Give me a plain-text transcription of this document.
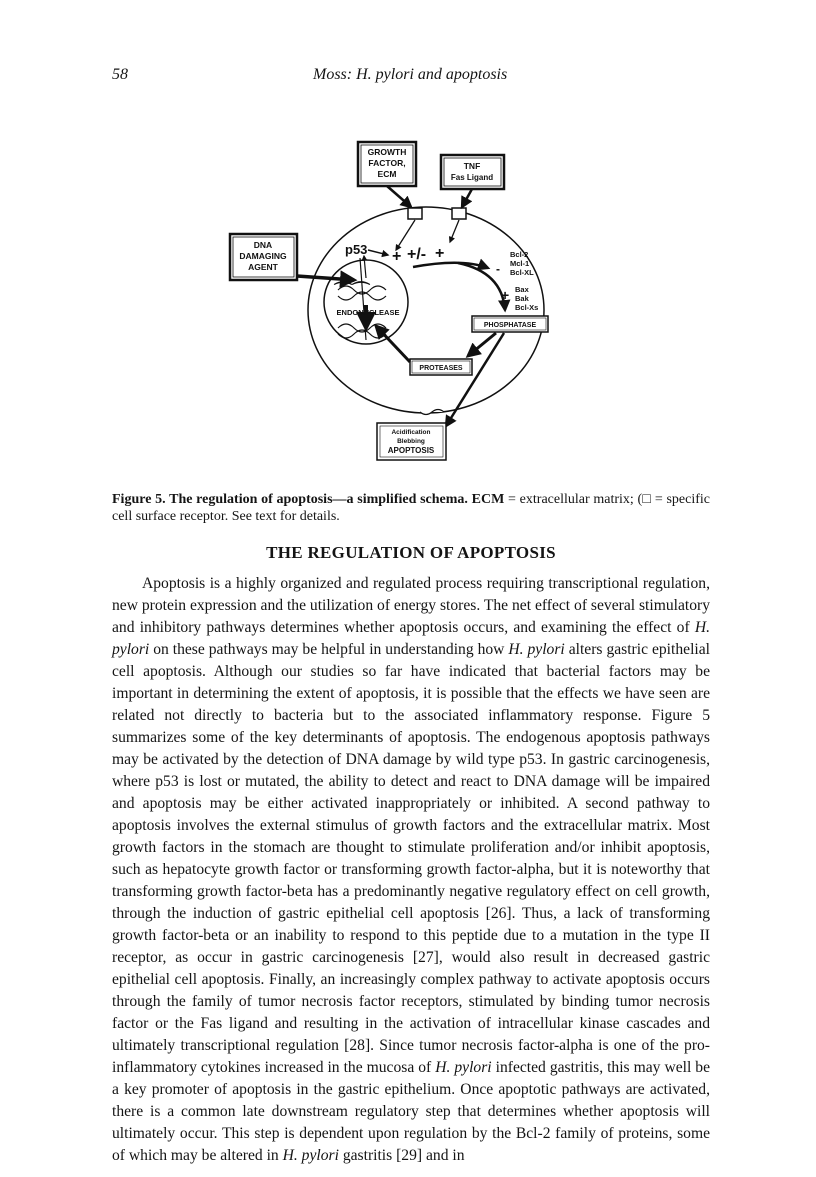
58	Moss: H. pylori and apoptosis
GROWTH
FACTOR,
ECM
TNF
Fas Ligand
DNA
DAMAGING
AGENT
p53 + +/- +
⌒⌒
ENDONUCLEASE
-
Bcl-2
Mcl-1
Bcl-XL
+ Bax
Bak
Bcl-Xs
PHOSPHATASE
PROTEASES
Acidification
Blebbing
APOPTOSIS
Figure 5. The regulation of apoptosis—a simplified schema. ECM = extracellular matrix; (□ = specific cell surface receptor. See text for details.
THE REGULATION OF APOPTOSIS

Apoptosis is a highly organized and regulated process requiring transcriptional regulation, new protein expression and the utilization of energy stores. The net effect of several stimulatory and inhibitory pathways determines whether apoptosis occurs, and examining the effect of H. pylori on these pathways may be helpful in understanding how H. pylori alters gastric epithelial cell apoptosis. Although our studies so far have indicated that bacterial factors may be important in determining the extent of apoptosis, it is possible that the effects we have seen are related not directly to bacteria but to the associated inflammatory response. Figure 5 summarizes some of the key determinants of apoptosis. The endogenous apoptosis pathways may be activated by the detection of DNA damage by wild type p53. In gastric carcinogenesis, where p53 is lost or mutated, the ability to detect and react to DNA damage will be impaired and apoptosis may be either activated inappropriately or inhibited. A second pathway to apoptosis involves the external stimulus of growth factors and the extracellular matrix. Most growth factors in the stomach are thought to stimulate proliferation and/or inhibit apoptosis, such as hepatocyte growth factor or transforming growth factor-alpha, but it is noteworthy that transforming growth factor-beta has a predominantly negative regulatory effect on cell growth, through the induction of gastric epithelial cell apoptosis [26]. Thus, a lack of transforming growth factor-beta or an inability to respond to this peptide due to a mutation in the type II receptor, as occur in gastric carcinogenesis [27], would also result in decreased gastric epithelial cell apoptosis. Finally, an increasingly complex pathway to activate apoptosis occurs through the family of tumor necrosis factor receptors, stimulated by binding tumor necrosis factor or the Fas ligand and resulting in the activation of intracellular kinase cascades and ultimately transcriptional regulation [28]. Since tumor necrosis factor-alpha is one of the pro-inflammatory cytokines increased in the mucosa of H. pylori infected gastritis, this may well be a key promoter of apoptosis in the gastric epithelium. Once apoptotic pathways are activated, there is a common late downstream regulatory step that determines whether apoptosis will ultimately occur. This step is dependent upon regulation by the Bcl-2 family of proteins, some of which may be altered in H. pylori gastritis [29] and in
